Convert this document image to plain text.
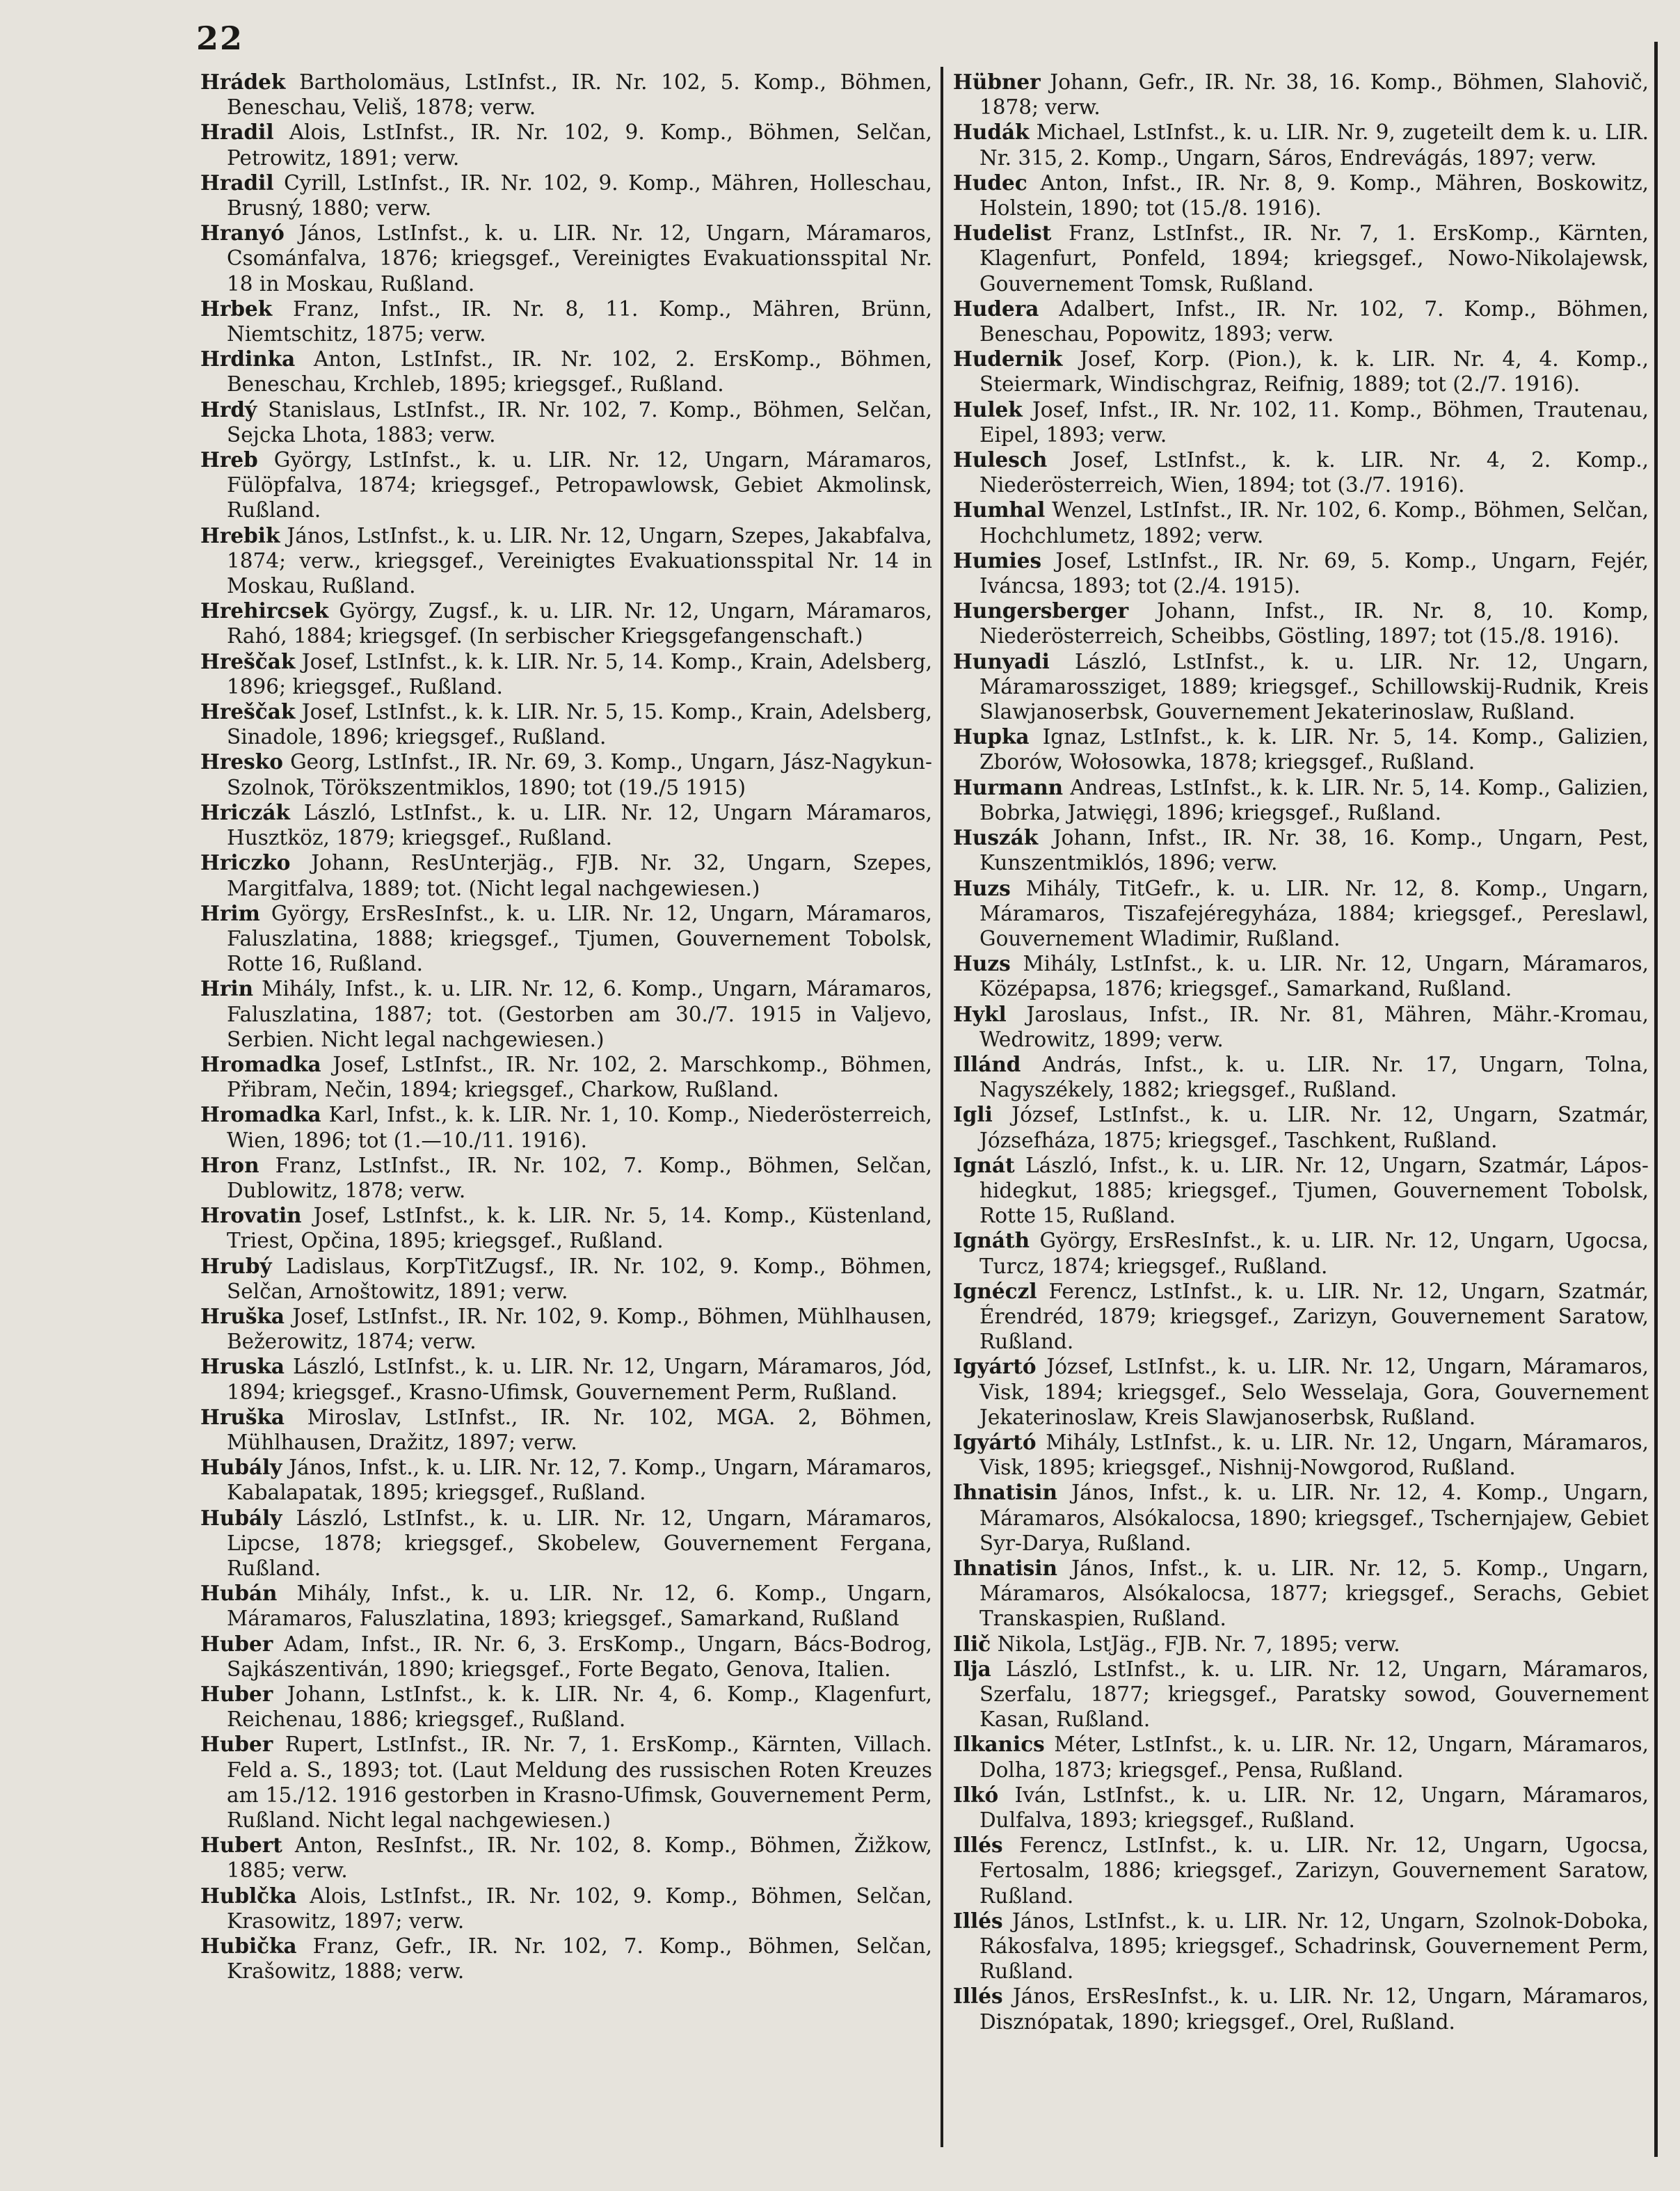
22

Hrádek Bartholomäus, LstInfst., IR. Nr. 102, 5. Komp., Böhmen, Beneschau, Veliš, 1878; verw.

Hradil Alois, LstInfst., IR. Nr. 102, 9. Komp., Böhmen, Selčan, Petrowitz, 1891; verw.

Hradil Cyrill, LstInfst., IR. Nr. 102, 9. Komp., Mähren, Holleschau, Brusný, 1880; verw.

Hranyó János, LstInfst., k. u. LIR. Nr. 12, Ungarn, Máramaros, Csománfalva, 1876; kriegsgef., Vereinigtes Evakuationsspital Nr. 18 in Moskau, Rußland.

Hrbek Franz, Infst., IR. Nr. 8, 11. Komp., Mähren, Brünn, Niemtschitz, 1875; verw.

Hrdinka Anton, LstInfst., IR. Nr. 102, 2. ErsKomp., Böhmen, Beneschau, Krchleb, 1895; kriegsgef., Rußland.

Hrdý Stanislaus, LstInfst., IR. Nr. 102, 7. Komp., Böhmen, Selčan, Sejcka Lhota, 1883; verw.

Hreb György, LstInfst., k. u. LIR. Nr. 12, Ungarn, Máramaros, Fülöpfalva, 1874; kriegsgef., Petropawlowsk, Gebiet Akmolinsk, Rußland.

Hrebik János, LstInfst., k. u. LIR. Nr. 12, Ungarn, Szepes, Jakabfalva, 1874; verw., kriegsgef., Vereinigtes Evakuationsspital Nr. 14 in Moskau, Rußland.

Hrehircsek György, Zugsf., k. u. LIR. Nr. 12, Ungarn, Máramaros, Rahó, 1884; kriegsgef. (In serbischer Kriegsgefangenschaft.)

Hreščak Josef, LstInfst., k. k. LIR. Nr. 5, 14. Komp., Krain, Adelsberg, 1896; kriegsgef., Rußland.

Hreščak Josef, LstInfst., k. k. LIR. Nr. 5, 15. Komp., Krain, Adelsberg, Sinadole, 1896; kriegsgef., Rußland.

Hresko Georg, LstInfst., IR. Nr. 69, 3. Komp., Ungarn, Jász-Nagykun-Szolnok, Törökszentmiklos, 1890; tot (19./5 1915)

Hriczák László, LstInfst., k. u. LIR. Nr. 12, Ungarn Máramaros, Husztköz, 1879; kriegsgef., Rußland.

Hriczko Johann, ResUnterjäg., FJB. Nr. 32, Ungarn, Szepes, Margitfalva, 1889; tot. (Nicht legal nachgewiesen.)

Hrim György, ErsResInfst., k. u. LIR. Nr. 12, Ungarn, Máramaros, Faluszlatina, 1888; kriegsgef., Tjumen, Gouvernement Tobolsk, Rotte 16, Rußland.

Hrin Mihály, Infst., k. u. LIR. Nr. 12, 6. Komp., Ungarn, Máramaros, Faluszlatina, 1887; tot. (Gestorben am 30./7. 1915 in Valjevo, Serbien. Nicht legal nachgewiesen.)

Hromadka Josef, LstInfst., IR. Nr. 102, 2. Marschkomp., Böhmen, Přibram, Nečin, 1894; kriegsgef., Charkow, Rußland.

Hromadka Karl, Infst., k. k. LIR. Nr. 1, 10. Komp., Niederösterreich, Wien, 1896; tot (1.—10./11. 1916).

Hron Franz, LstInfst., IR. Nr. 102, 7. Komp., Böhmen, Selčan, Dublowitz, 1878; verw.

Hrovatin Josef, LstInfst., k. k. LIR. Nr. 5, 14. Komp., Küstenland, Triest, Opčina, 1895; kriegsgef., Rußland.

Hrubý Ladislaus, KorpTitZugsf., IR. Nr. 102, 9. Komp., Böhmen, Selčan, Arnoštowitz, 1891; verw.

Hruška Josef, LstInfst., IR. Nr. 102, 9. Komp., Böhmen, Mühlhausen, Bežerowitz, 1874; verw.

Hruska László, LstInfst., k. u. LIR. Nr. 12, Ungarn, Máramaros, Jód, 1894; kriegsgef., Krasno-Ufimsk, Gouvernement Perm, Rußland.

Hruška Miroslav, LstInfst., IR. Nr. 102, MGA. 2, Böhmen, Mühlhausen, Dražitz, 1897; verw.

Hubály János, Infst., k. u. LIR. Nr. 12, 7. Komp., Ungarn, Máramaros, Kabalapatak, 1895; kriegsgef., Rußland.

Hubály László, LstInfst., k. u. LIR. Nr. 12, Ungarn, Máramaros, Lipcse, 1878; kriegsgef., Skobelew, Gouvernement Fergana, Rußland.

Hubán Mihály, Infst., k. u. LIR. Nr. 12, 6. Komp., Ungarn, Máramaros, Faluszlatina, 1893; kriegsgef., Samarkand, Rußland

Huber Adam, Infst., IR. Nr. 6, 3. ErsKomp., Ungarn, Bács-Bodrog, Sajkászentiván, 1890; kriegsgef., Forte Begato, Genova, Italien.

Huber Johann, LstInfst., k. k. LIR. Nr. 4, 6. Komp., Klagenfurt, Reichenau, 1886; kriegsgef., Rußland.

Huber Rupert, LstInfst., IR. Nr. 7, 1. ErsKomp., Kärnten, Villach. Feld a. S., 1893; tot. (Laut Meldung des russischen Roten Kreuzes am 15./12. 1916 gestorben in Krasno-Ufimsk, Gouvernement Perm, Rußland. Nicht legal nachgewiesen.)

Hubert Anton, ResInfst., IR. Nr. 102, 8. Komp., Böhmen, Žižkow, 1885; verw.

Hublčka Alois, LstInfst., IR. Nr. 102, 9. Komp., Böhmen, Selčan, Krasowitz, 1897; verw.

Hubička Franz, Gefr., IR. Nr. 102, 7. Komp., Böhmen, Selčan, Krašowitz, 1888; verw.

Hübner Johann, Gefr., IR. Nr. 38, 16. Komp., Böhmen, Slahovič, 1878; verw.

Hudák Michael, LstInfst., k. u. LIR. Nr. 9, zugeteilt dem k. u. LIR. Nr. 315, 2. Komp., Ungarn, Sáros, Endrevágás, 1897; verw.

Hudec Anton, Infst., IR. Nr. 8, 9. Komp., Mähren, Boskowitz, Holstein, 1890; tot (15./8. 1916).

Hudelist Franz, LstInfst., IR. Nr. 7, 1. ErsKomp., Kärnten, Klagenfurt, Ponfeld, 1894; kriegsgef., Nowo-Nikolajewsk, Gouvernement Tomsk, Rußland.

Hudera Adalbert, Infst., IR. Nr. 102, 7. Komp., Böhmen, Beneschau, Popowitz, 1893; verw.

Hudernik Josef, Korp. (Pion.), k. k. LIR. Nr. 4, 4. Komp., Steiermark, Windischgraz, Reifnig, 1889; tot (2./7. 1916).

Hulek Josef, Infst., IR. Nr. 102, 11. Komp., Böhmen, Trautenau, Eipel, 1893; verw.

Hulesch Josef, LstInfst., k. k. LIR. Nr. 4, 2. Komp., Niederösterreich, Wien, 1894; tot (3./7. 1916).

Humhal Wenzel, LstInfst., IR. Nr. 102, 6. Komp., Böhmen, Selčan, Hochchlumetz, 1892; verw.

Humies Josef, LstInfst., IR. Nr. 69, 5. Komp., Ungarn, Fejér, Iváncsa, 1893; tot (2./4. 1915).

Hungersberger Johann, Infst., IR. Nr. 8, 10. Komp, Niederösterreich, Scheibbs, Göstling, 1897; tot (15./8. 1916).

Hunyadi László, LstInfst., k. u. LIR. Nr. 12, Ungarn, Máramarossziget, 1889; kriegsgef., Schillowskij-Rudnik, Kreis Slawjanoserbsk, Gouvernement Jekaterinoslaw, Rußland.

Hupka Ignaz, LstInfst., k. k. LIR. Nr. 5, 14. Komp., Galizien, Zborów, Wołosowka, 1878; kriegsgef., Rußland.

Hurmann Andreas, LstInfst., k. k. LIR. Nr. 5, 14. Komp., Galizien, Bobrka, Jatwięgi, 1896; kriegsgef., Rußland.

Huszák Johann, Infst., IR. Nr. 38, 16. Komp., Ungarn, Pest, Kunszentmiklós, 1896; verw.

Huzs Mihály, TitGefr., k. u. LIR. Nr. 12, 8. Komp., Ungarn, Máramaros, Tiszafejéregyháza, 1884; kriegsgef., Pereslawl, Gouvernement Wladimir, Rußland.

Huzs Mihály, LstInfst., k. u. LIR. Nr. 12, Ungarn, Máramaros, Középapsa, 1876; kriegsgef., Samarkand, Rußland.

Hykl Jaroslaus, Infst., IR. Nr. 81, Mähren, Mähr.-Kromau, Wedrowitz, 1899; verw.

Illánd András, Infst., k. u. LIR. Nr. 17, Ungarn, Tolna, Nagyszékely, 1882; kriegsgef., Rußland.

Igli József, LstInfst., k. u. LIR. Nr. 12, Ungarn, Szatmár, Józsefháza, 1875; kriegsgef., Taschkent, Rußland.

Ignát László, Infst., k. u. LIR. Nr. 12, Ungarn, Szatmár, Lápos-hidegkut, 1885; kriegsgef., Tjumen, Gouvernement Tobolsk, Rotte 15, Rußland.

Ignáth György, ErsResInfst., k. u. LIR. Nr. 12, Ungarn, Ugocsa, Turcz, 1874; kriegsgef., Rußland.

Ignéczl Ferencz, LstInfst., k. u. LIR. Nr. 12, Ungarn, Szatmár, Érendréd, 1879; kriegsgef., Zarizyn, Gouvernement Saratow, Rußland.

Igyártó József, LstInfst., k. u. LIR. Nr. 12, Ungarn, Máramaros, Visk, 1894; kriegsgef., Selo Wesselaja, Gora, Gouvernement Jekaterinoslaw, Kreis Slawjanoserbsk, Rußland.

Igyártó Mihály, LstInfst., k. u. LIR. Nr. 12, Ungarn, Máramaros, Visk, 1895; kriegsgef., Nishnij-Nowgorod, Rußland.

Ihnatisin János, Infst., k. u. LIR. Nr. 12, 4. Komp., Ungarn, Máramaros, Alsókalocsa, 1890; kriegsgef., Tschernjajew, Gebiet Syr-Darya, Rußland.

Ihnatisin János, Infst., k. u. LIR. Nr. 12, 5. Komp., Ungarn, Máramaros, Alsókalocsa, 1877; kriegsgef., Serachs, Gebiet Transkaspien, Rußland.

Ilič Nikola, LstJäg., FJB. Nr. 7, 1895; verw.

Ilja László, LstInfst., k. u. LIR. Nr. 12, Ungarn, Máramaros, Szerfalu, 1877; kriegsgef., Paratsky sowod, Gouvernement Kasan, Rußland.

Ilkanics Méter, LstInfst., k. u. LIR. Nr. 12, Ungarn, Máramaros, Dolha, 1873; kriegsgef., Pensa, Rußland.

Ilkó Iván, LstInfst., k. u. LIR. Nr. 12, Ungarn, Máramaros, Dulfalva, 1893; kriegsgef., Rußland.

Illés Ferencz, LstInfst., k. u. LIR. Nr. 12, Ungarn, Ugocsa, Fertosalm, 1886; kriegsgef., Zarizyn, Gouvernement Saratow, Rußland.

Illés János, LstInfst., k. u. LIR. Nr. 12, Ungarn, Szolnok-Doboka, Rákosfalva, 1895; kriegsgef., Schadrinsk, Gouvernement Perm, Rußland.

Illés János, ErsResInfst., k. u. LIR. Nr. 12, Ungarn, Máramaros, Disznópatak, 1890; kriegsgef., Orel, Rußland.
